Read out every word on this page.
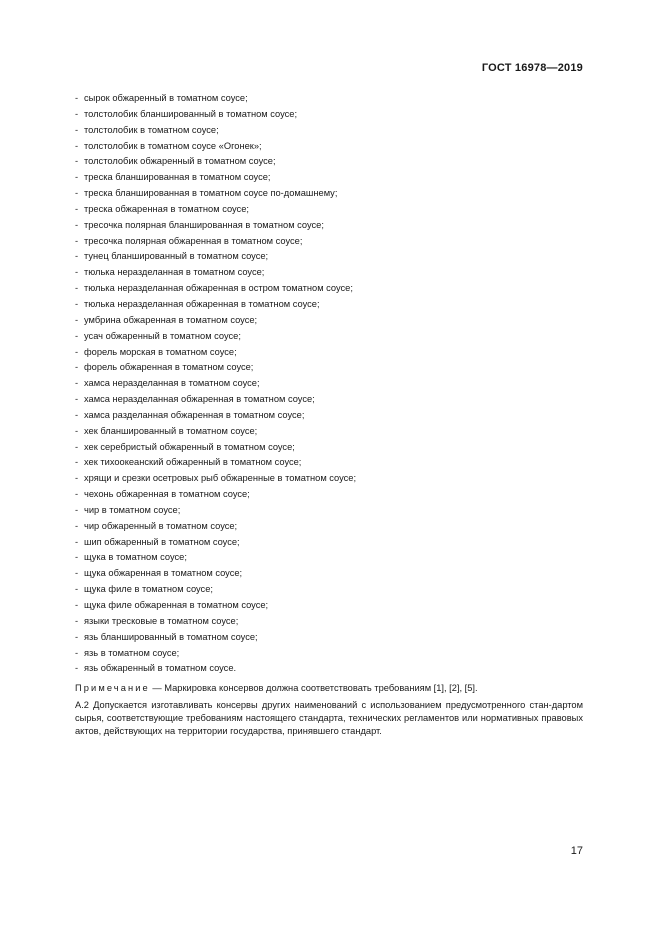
ГОСТ 16978—2019
- сырок обжаренный в томатном соусе;
- толстолобик бланшированный в томатном соусе;
- толстолобик в томатном соусе;
- толстолобик в томатном соусе «Огонек»;
- толстолобик обжаренный в томатном соусе;
- треска бланшированная в томатном соусе;
- треска бланшированная в томатном соусе по-домашнему;
- треска обжаренная в томатном соусе;
- тресочка полярная бланшированная в томатном соусе;
- тресочка полярная обжаренная в томатном соусе;
- тунец бланшированный в томатном соусе;
- тюлька неразделанная в томатном соусе;
- тюлька неразделанная обжаренная в остром томатном соусе;
- тюлька неразделанная обжаренная в томатном соусе;
- умбрина обжаренная в томатном соусе;
- усач обжаренный в томатном соусе;
- форель морская в томатном соусе;
- форель обжаренная в томатном соусе;
- хамса неразделанная в томатном соусе;
- хамса неразделанная обжаренная в томатном соусе;
- хамса разделанная обжаренная в томатном соусе;
- хек бланшированный в томатном соусе;
- хек серебристый обжаренный в томатном соусе;
- хек тихоокеанский обжаренный в томатном соусе;
- хрящи и срезки осетровых рыб обжаренные в томатном соусе;
- чехонь обжаренная в томатном соусе;
- чир в томатном соусе;
- чир обжаренный в томатном соусе;
- шип обжаренный в томатном соусе;
- щука в томатном соусе;
- щука обжаренная в томатном соусе;
- щука филе в томатном соусе;
- щука филе обжаренная в томатном соусе;
- языки тресковые в томатном соусе;
- язь бланшированный в томатном соусе;
- язь в томатном соусе;
- язь обжаренный в томатном соусе.
Примечание — Маркировка консервов должна соответствовать требованиям [1], [2], [5].
А.2 Допускается изготавливать консервы других наименований с использованием предусмотренного стан-дартом сырья, соответствующие требованиям настоящего стандарта, технических регламентов или нормативных правовых актов, действующих на территории государства, принявшего стандарт.
17
